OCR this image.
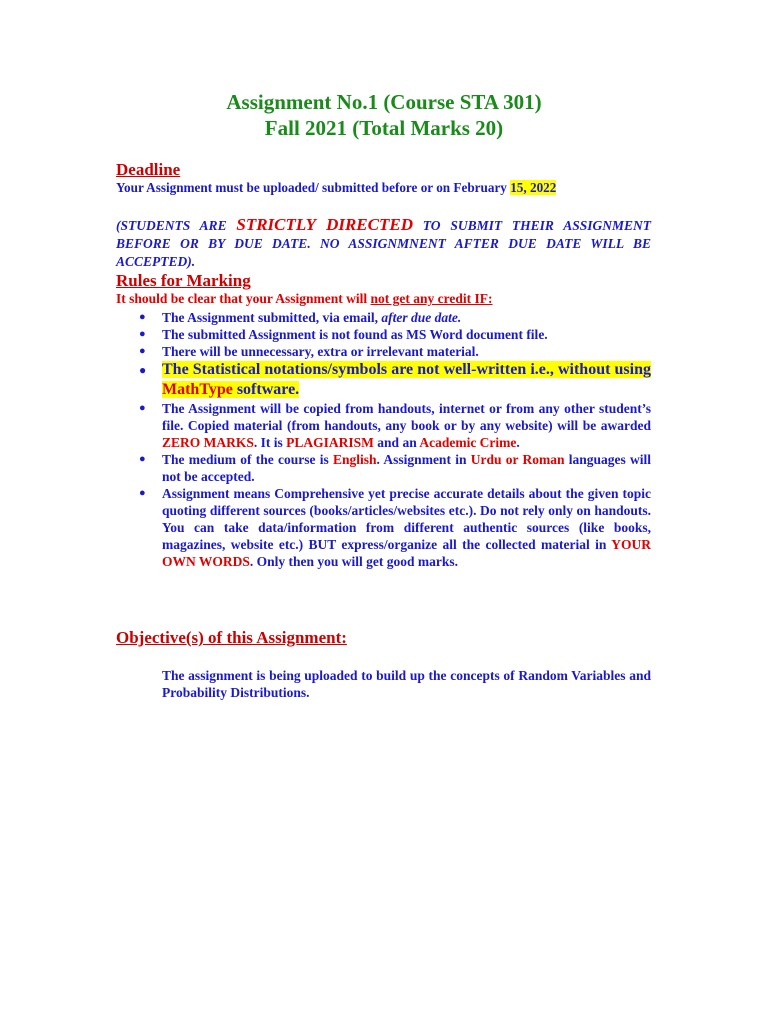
Assignment No.1 (Course STA 301)
Fall 2021 (Total Marks 20)
Deadline
Your Assignment must be uploaded/ submitted before or on February 15, 2022
(STUDENTS ARE STRICTLY DIRECTED TO SUBMIT THEIR ASSIGNMENT BEFORE OR BY DUE DATE. NO ASSIGNMNENT AFTER DUE DATE WILL BE ACCEPTED).
Rules for Marking
It should be clear that your Assignment will not get any credit IF:
● The Assignment submitted, via email, after due date.
● The submitted Assignment is not found as MS Word document file.
● There will be unnecessary, extra or irrelevant material.
● The Statistical notations/symbols are not well-written i.e., without using MathType software.
● The Assignment will be copied from handouts, internet or from any other student’s file. Copied material (from handouts, any book or by any website) will be awarded ZERO MARKS. It is PLAGIARISM and an Academic Crime.
● The medium of the course is English. Assignment in Urdu or Roman languages will not be accepted.
● Assignment means Comprehensive yet precise accurate details about the given topic quoting different sources (books/articles/websites etc.). Do not rely only on handouts. You can take data/information from different authentic sources (like books, magazines, website etc.) BUT express/organize all the collected material in YOUR OWN WORDS. Only then you will get good marks.
Objective(s) of this Assignment:
The assignment is being uploaded to build up the concepts of Random Variables and Probability Distributions.
